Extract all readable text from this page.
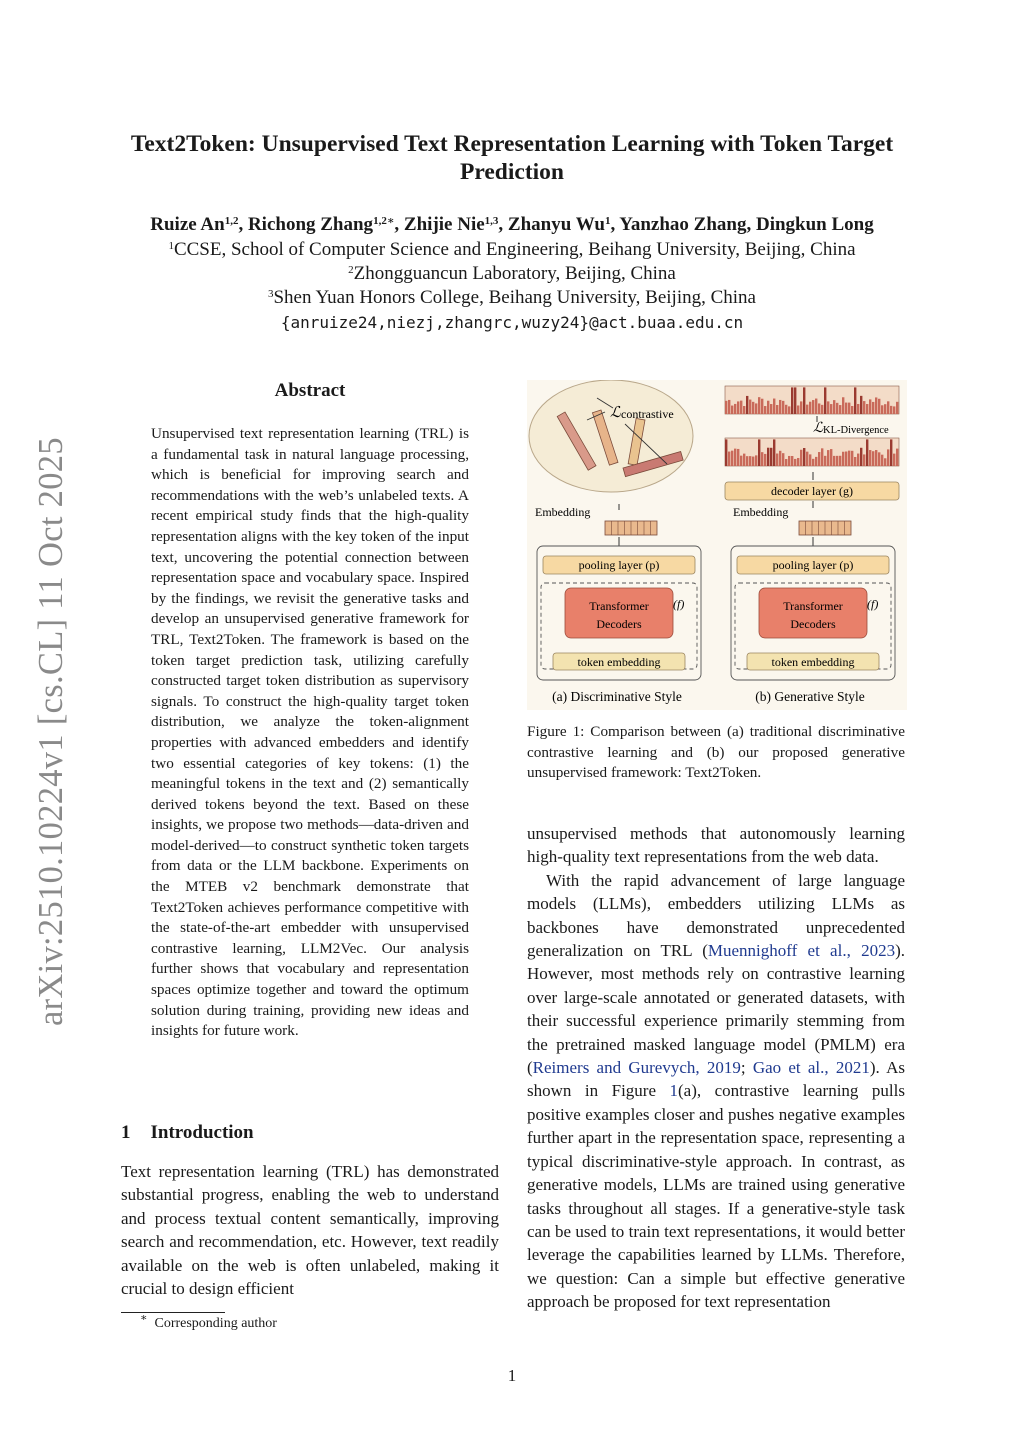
arXiv:2510.10224v1 [cs.CL] 11 Oct 2025
Text2Token: Unsupervised Text Representation Learning with Token Target Prediction
Ruize An$^{1,2}$, Richong Zhang$^{1,2∗}$, Zhijie Nie$^{1,3}$, Zhanyu Wu$^1$, Yanzhao Zhang, Dingkun Long
$^1$CCSE, School of Computer Science and Engineering, Beihang University, Beijing, China
$^2$Zhongguancun Laboratory, Beijing, China
$^3$Shen Yuan Honors College, Beihang University, Beijing, China
{anruize24,niezj,zhangrc,wuzy24}@act.buaa.edu.cn
Abstract
Unsupervised text representation learning (TRL) is a fundamental task in natural language processing, which is beneficial for improving search and recommendations with the web’s unlabeled texts. A recent empirical study finds that the high-quality representation aligns with the key token of the input text, uncovering the potential connection between representation space and vocabulary space. Inspired by the findings, we revisit the generative tasks and develop an unsupervised generative framework for TRL, Text2Token. The framework is based on the token target prediction task, utilizing carefully constructed target token distribution as supervisory signals. To construct the high-quality target token distribution, we analyze the token-alignment properties with advanced embedders and identify two essential categories of key tokens: (1) the meaningful tokens in the text and (2) semantically derived tokens beyond the text. Based on these insights, we propose two methods—data-driven and model-derived—to construct synthetic token targets from data or the LLM backbone. Experiments on the MTEB v2 benchmark demonstrate that Text2Token achieves performance competitive with the state-of-the-art embedder with unsupervised contrastive learning, LLM2Vec. Our analysis further shows that vocabulary and representation spaces optimize together and toward the optimum solution during training, providing new ideas and insights for future work.
1 Introduction
Text representation learning (TRL) has demonstrated substantial progress, enabling the web to understand and process textual content semantically, improving search and recommendation, etc. However, text readily available on the web is often unlabeled, making it crucial to design efficient
∗ Corresponding author
ℒ contrastive
ℒ KL-Divergence
decoder layer (g)
Embedding	Embedding
pooling layer (p)
Transformer
Decoders
(f)
token embedding
pooling layer (p)
Transformer
Decoders
(f)
token embedding
(a) Discriminative Style	(b) Generative Style
Figure 1: Comparison between (a) traditional discriminative contrastive learning and (b) our proposed generative unsupervised framework: Text2Token.

unsupervised methods that autonomously learning high-quality text representations from the web data.

With the rapid advancement of large language models (LLMs), embedders utilizing LLMs as backbones have demonstrated unprecedented generalization on TRL (Muennighoff et al., 2023). However, most methods rely on contrastive learning over large-scale annotated or generated datasets, with their successful experience primarily stemming from the pretrained masked language model (PMLM) era (Reimers and Gurevych, 2019; Gao et al., 2021). As shown in Figure 1(a), contrastive learning pulls positive examples closer and pushes negative examples further apart in the representation space, representing a typical discriminative-style approach. In contrast, as generative models, LLMs are trained using generative tasks throughout all stages. If a generative-style task can be used to train text representations, it would better leverage the capabilities learned by LLMs. Therefore, we question: Can a simple but effective generative approach be proposed for text representation

1
